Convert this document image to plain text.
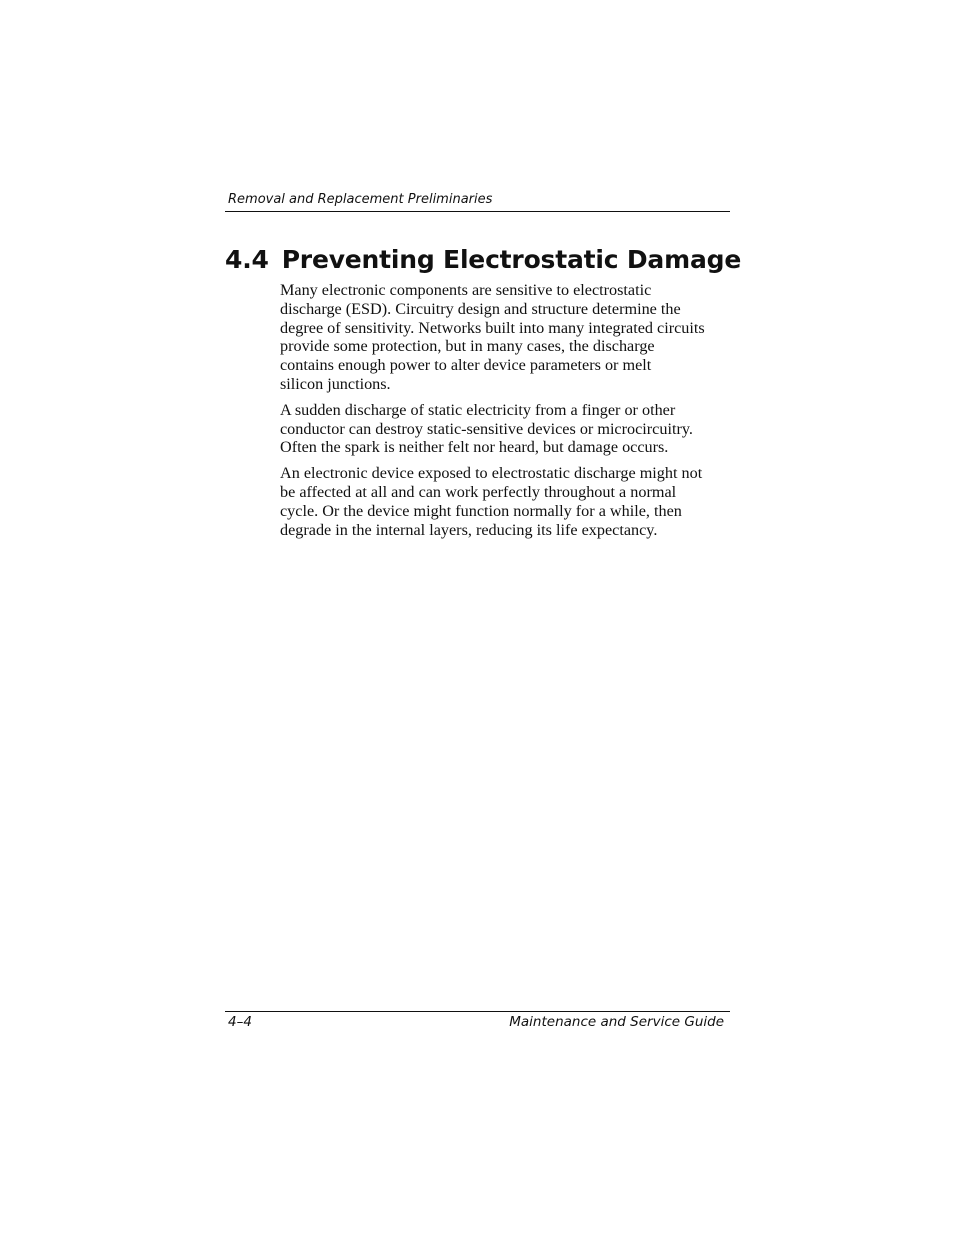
Removal and Replacement Preliminaries
4.4 Preventing Electrostatic Damage

Many electronic components are sensitive to electrostatic
discharge (ESD). Circuitry design and structure determine the
degree of sensitivity. Networks built into many integrated circuits
provide some protection, but in many cases, the discharge
contains enough power to alter device parameters or melt
silicon junctions.

A sudden discharge of static electricity from a finger or other
conductor can destroy static-sensitive devices or microcircuitry.
Often the spark is neither felt nor heard, but damage occurs.

An electronic device exposed to electrostatic discharge might not
be affected at all and can work perfectly throughout a normal
cycle. Or the device might function normally for a while, then
degrade in the internal layers, reducing its life expectancy.

4–4	Maintenance and Service Guide
